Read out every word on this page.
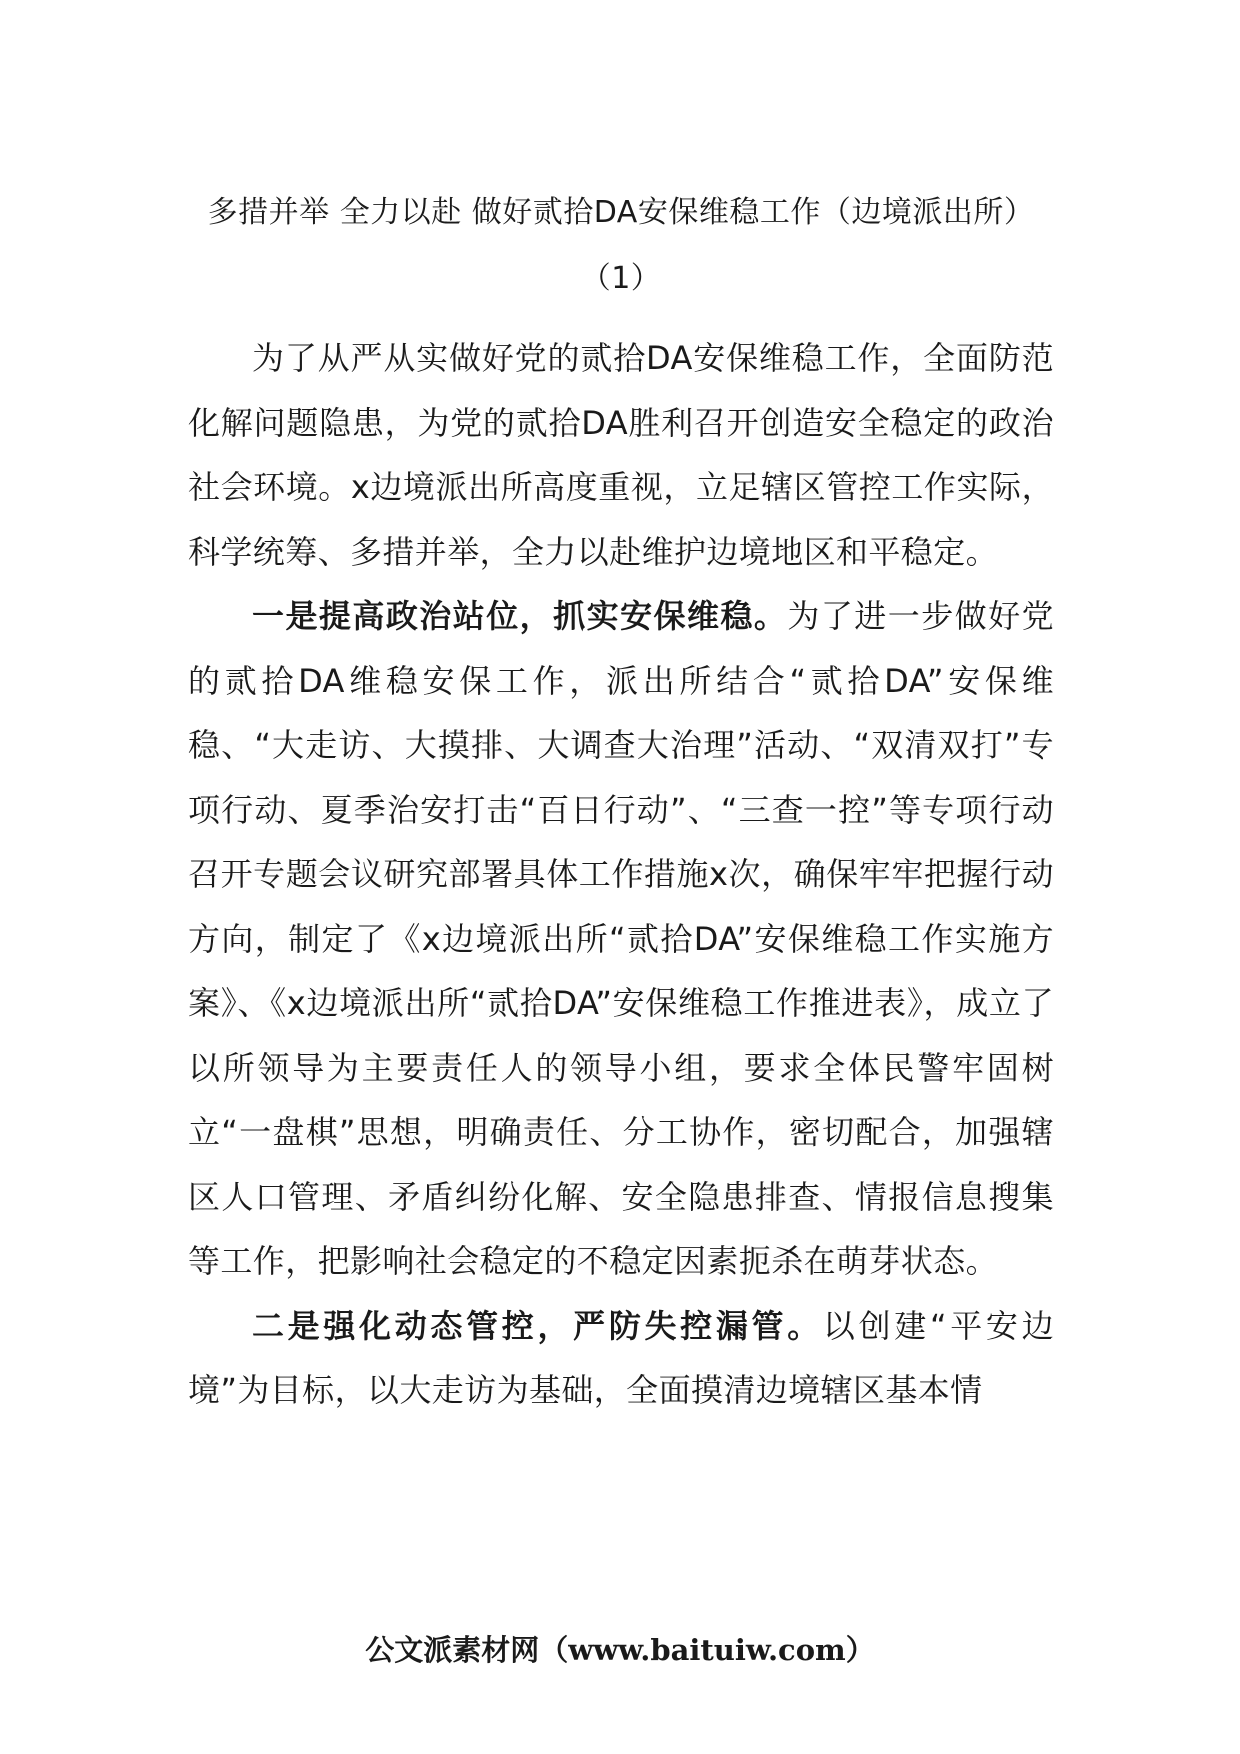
多措并举 全力以赴 做好贰拾DA安保维稳工作（边境派出所）（1）

为了从严从实做好党的贰拾DA安保维稳工作，全面防范化解问题隐患，为党的贰拾DA胜利召开创造安全稳定的政治社会环境。x边境派出所高度重视，立足辖区管控工作实际，科学统筹、多措并举，全力以赴维护边境地区和平稳定。

一是提高政治站位，抓实安保维稳。为了进一步做好党的贰拾DA维稳安保工作，派出所结合“贰拾DA”安保维稳、“大走访、大摸排、大调查大治理”活动、“双清双打”专项行动、夏季治安打击“百日行动”、“三查一控”等专项行动召开专题会议研究部署具体工作措施x次，确保牢牢把握行动方向，制定了《x边境派出所“贰拾DA”安保维稳工作实施方案》、《x边境派出所“贰拾DA”安保维稳工作推进表》，成立了以所领导为主要责任人的领导小组，要求全体民警牢固树立“一盘棋”思想，明确责任、分工协作，密切配合，加强辖区人口管理、矛盾纠纷化解、安全隐患排查、情报信息搜集等工作，把影响社会稳定的不稳定因素扼杀在萌芽状态。

二是强化动态管控，严防失控漏管。以创建“平安边境”为目标，以大走访为基础，全面摸清边境辖区基本情

公文派素材网（www.baituiw.com）
